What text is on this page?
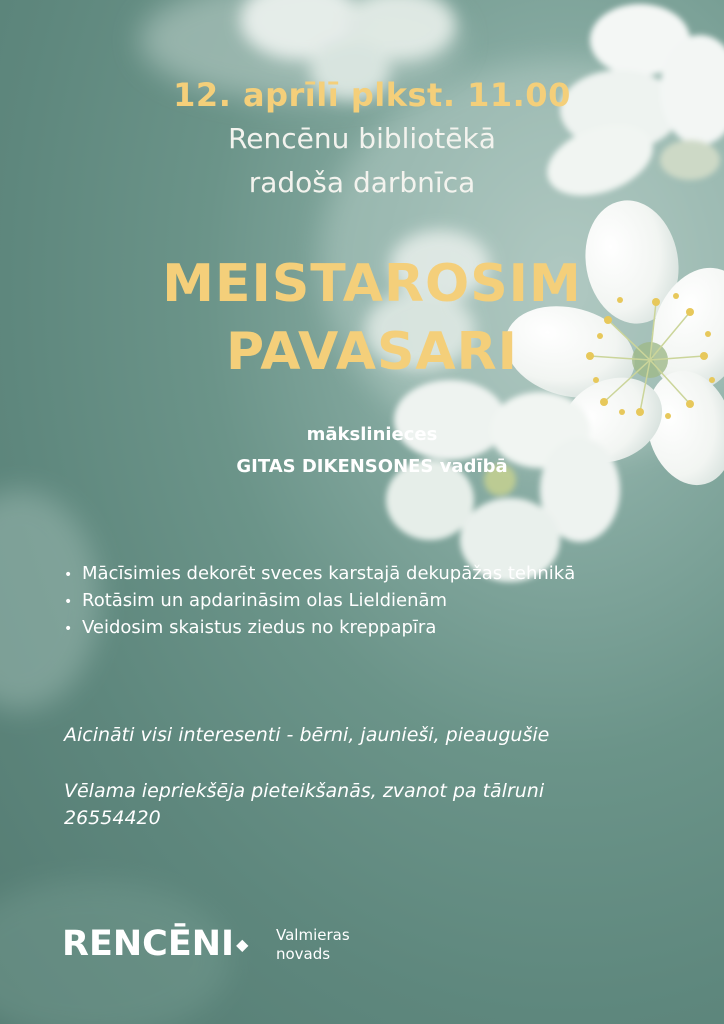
12. aprīlī plkst. 11.00
Rencēnu bibliotēkā
radoša darbnīca
MEISTAROSIM
PAVASARI
mākslinieces
GITAS DIKENSONES vadībā
• Mācīsimies dekorēt sveces karstajā dekupāžas tehnikā
• Rotāsim un apdarināsim olas Lieldienām
• Veidosim skaistus ziedus no kreppapīra
Aicināti visi interesenti - bērni, jaunieši, pieaugušie
Vēlama iepriekšēja pieteikšanās, zvanot pa tālruni
26554420
RENCĒNI ◆ Valmieras
novads
